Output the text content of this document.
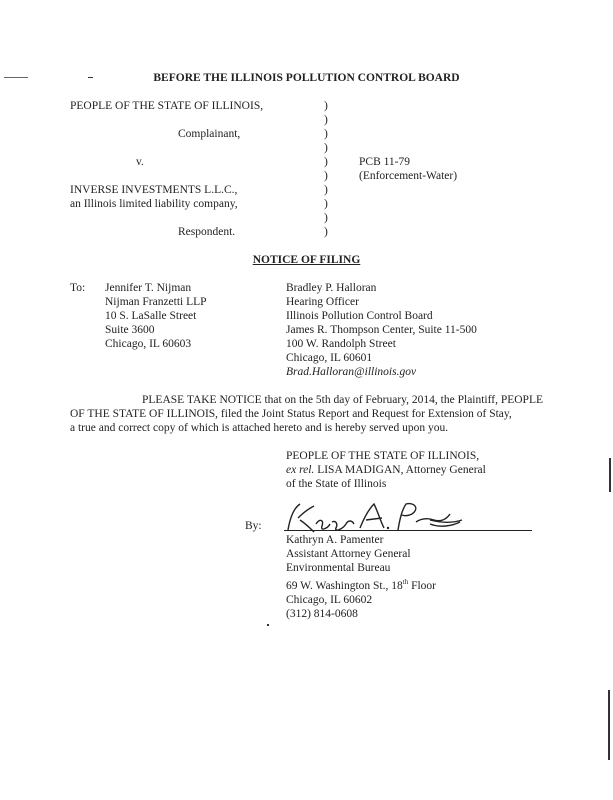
BEFORE THE ILLINOIS POLLUTION CONTROL BOARD
PEOPLE OF THE STATE OF ILLINOIS,
Complainant,
v.
INVERSE INVESTMENTS L.L.C.,
an Illinois limited liability company,
Respondent.
)
)
)
)
)
)
)
)
)
)
PCB 11-79
(Enforcement-Water)
NOTICE OF FILING
To: Jennifer T. Nijman
Nijman Franzetti LLP
10 S. LaSalle Street
Suite 3600
Chicago, IL 60603
Bradley P. Halloran
Hearing Officer
Illinois Pollution Control Board
James R. Thompson Center, Suite 11-500
100 W. Randolph Street
Chicago, IL 60601
Brad.Halloran@illinois.gov
PLEASE TAKE NOTICE that on the 5th day of February, 2014, the Plaintiff, PEOPLE
OF THE STATE OF ILLINOIS, filed the Joint Status Report and Request for Extension of Stay,
a true and correct copy of which is attached hereto and is hereby served upon you.
PEOPLE OF THE STATE OF ILLINOIS,
ex rel. LISA MADIGAN, Attorney General
of the State of Illinois
By:
Kathryn A. Pamenter
Assistant Attorney General
Environmental Bureau
69 W. Washington St., 18th Floor
Chicago, IL 60602
(312) 814-0608
